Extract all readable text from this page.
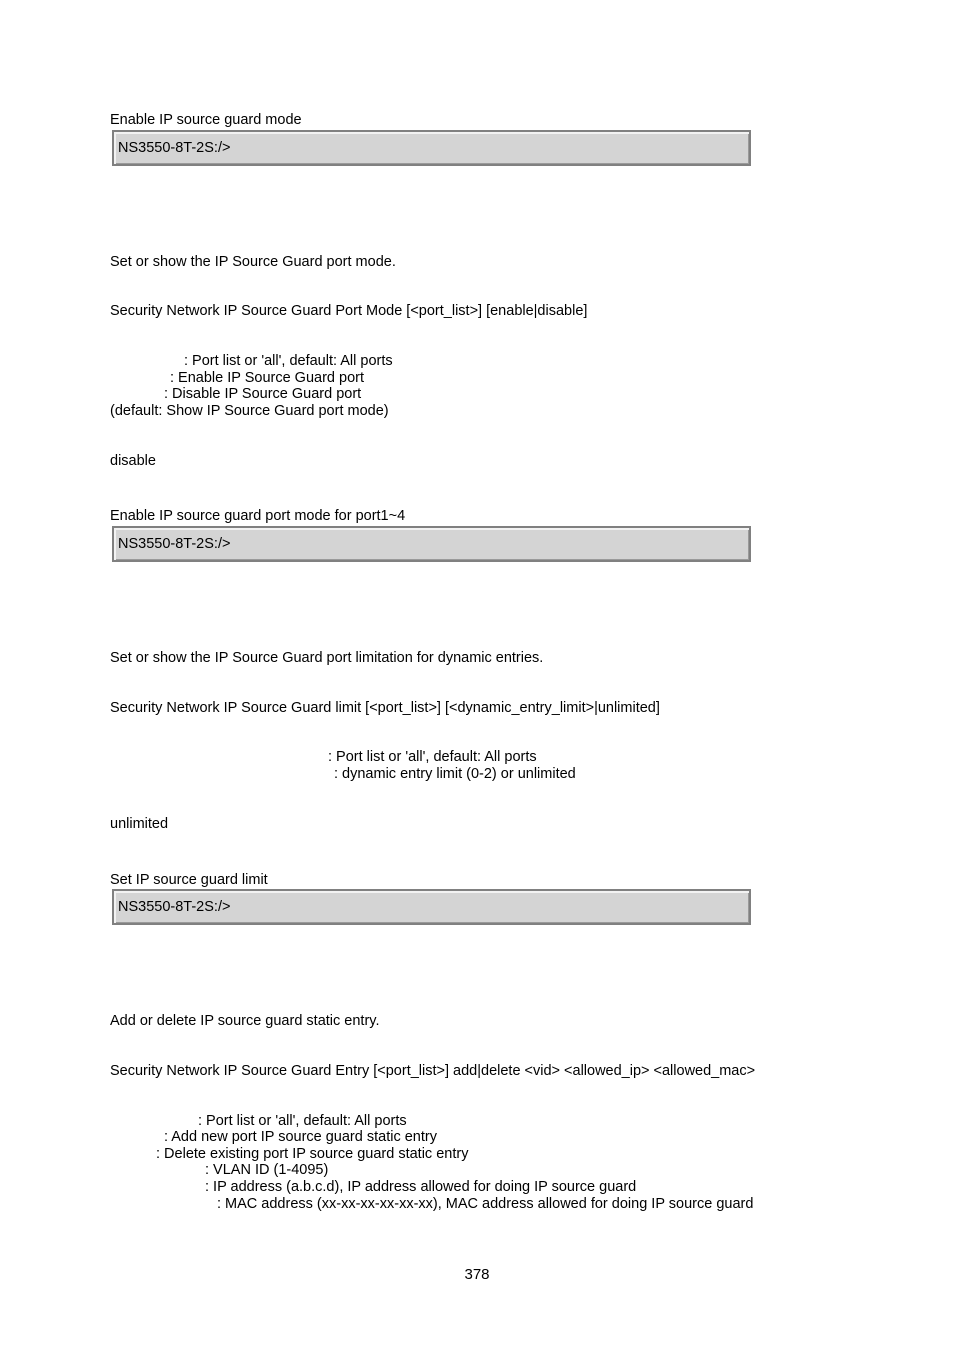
Enable IP source guard mode
NS3550-8T-2S:/>
Set or show the IP Source Guard port mode.
Security Network IP Source Guard Port Mode [<port_list>] [enable|disable]
: Port list or 'all', default: All ports
: Enable IP Source Guard port
: Disable IP Source Guard port
(default: Show IP Source Guard port mode)
disable
Enable IP source guard port mode for port1~4
NS3550-8T-2S:/>
Set or show the IP Source Guard port limitation for dynamic entries.
Security Network IP Source Guard limit [<port_list>] [<dynamic_entry_limit>|unlimited]
: Port list or 'all', default: All ports
: dynamic entry limit (0-2) or unlimited
unlimited
Set IP source guard limit
NS3550-8T-2S:/>
Add or delete IP source guard static entry.
Security Network IP Source Guard Entry [<port_list>] add|delete <vid> <allowed_ip> <allowed_mac>
: Port list or 'all', default: All ports
: Add new port IP source guard static entry
: Delete existing port IP source guard static entry
: VLAN ID (1-4095)
: IP address (a.b.c.d), IP address allowed for doing IP source guard
: MAC address (xx-xx-xx-xx-xx-xx), MAC address allowed for doing IP source guard
378
